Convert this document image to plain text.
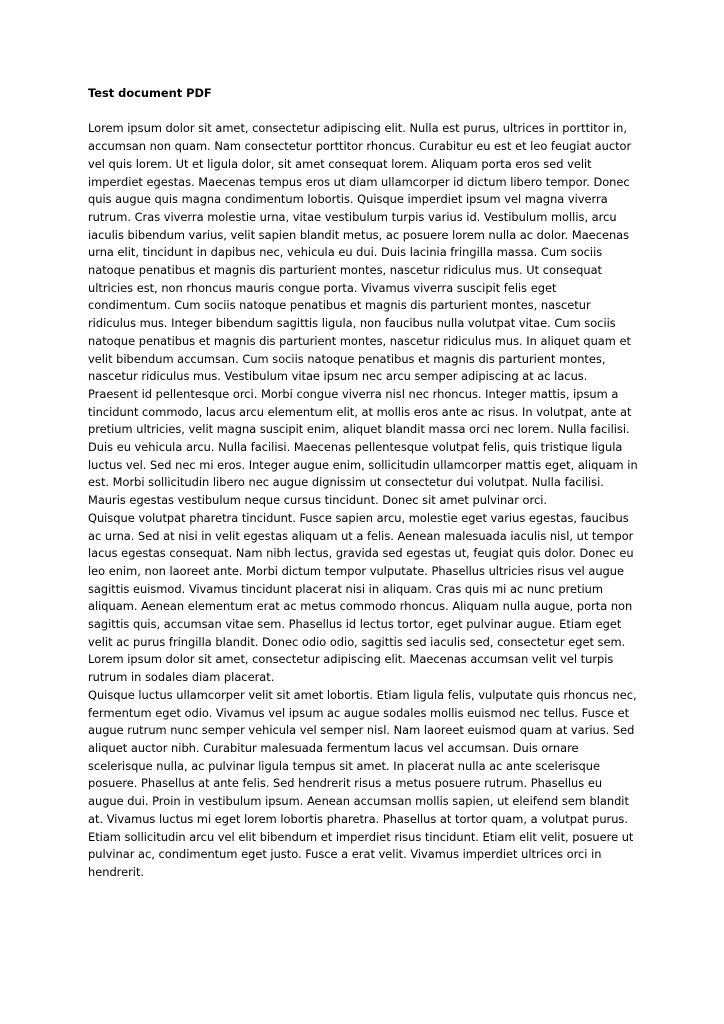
Test document PDF

Lorem ipsum dolor sit amet, consectetur adipiscing elit. Nulla est purus, ultrices in porttitor in, accumsan non quam. Nam consectetur porttitor rhoncus. Curabitur eu est et leo feugiat auctor vel quis lorem. Ut et ligula dolor, sit amet consequat lorem. Aliquam porta eros sed velit imperdiet egestas. Maecenas tempus eros ut diam ullamcorper id dictum libero tempor. Donec quis augue quis magna condimentum lobortis. Quisque imperdiet ipsum vel magna viverra rutrum. Cras viverra molestie urna, vitae vestibulum turpis varius id. Vestibulum mollis, arcu iaculis bibendum varius, velit sapien blandit metus, ac posuere lorem nulla ac dolor. Maecenas urna elit, tincidunt in dapibus nec, vehicula eu dui. Duis lacinia fringilla massa. Cum sociis natoque penatibus et magnis dis parturient montes, nascetur ridiculus mus. Ut consequat ultricies est, non rhoncus mauris congue porta. Vivamus viverra suscipit felis eget condimentum. Cum sociis natoque penatibus et magnis dis parturient montes, nascetur ridiculus mus. Integer bibendum sagittis ligula, non faucibus nulla volutpat vitae. Cum sociis natoque penatibus et magnis dis parturient montes, nascetur ridiculus mus. In aliquet quam et velit bibendum accumsan. Cum sociis natoque penatibus et magnis dis parturient montes, nascetur ridiculus mus. Vestibulum vitae ipsum nec arcu semper adipiscing at ac lacus. Praesent id pellentesque orci. Morbi congue viverra nisl nec rhoncus. Integer mattis, ipsum a tincidunt commodo, lacus arcu elementum elit, at mollis eros ante ac risus. In volutpat, ante at pretium ultricies, velit magna suscipit enim, aliquet blandit massa orci nec lorem. Nulla facilisi. Duis eu vehicula arcu. Nulla facilisi. Maecenas pellentesque volutpat felis, quis tristique ligula luctus vel. Sed nec mi eros. Integer augue enim, sollicitudin ullamcorper mattis eget, aliquam in est. Morbi sollicitudin libero nec augue dignissim ut consectetur dui volutpat. Nulla facilisi. Mauris egestas vestibulum neque cursus tincidunt. Donec sit amet pulvinar orci.

Quisque volutpat pharetra tincidunt. Fusce sapien arcu, molestie eget varius egestas, faucibus ac urna. Sed at nisi in velit egestas aliquam ut a felis. Aenean malesuada iaculis nisl, ut tempor lacus egestas consequat. Nam nibh lectus, gravida sed egestas ut, feugiat quis dolor. Donec eu leo enim, non laoreet ante. Morbi dictum tempor vulputate. Phasellus ultricies risus vel augue sagittis euismod. Vivamus tincidunt placerat nisi in aliquam. Cras quis mi ac nunc pretium aliquam. Aenean elementum erat ac metus commodo rhoncus. Aliquam nulla augue, porta non sagittis quis, accumsan vitae sem. Phasellus id lectus tortor, eget pulvinar augue. Etiam eget velit ac purus fringilla blandit. Donec odio odio, sagittis sed iaculis sed, consectetur eget sem. Lorem ipsum dolor sit amet, consectetur adipiscing elit. Maecenas accumsan velit vel turpis rutrum in sodales diam placerat.

Quisque luctus ullamcorper velit sit amet lobortis. Etiam ligula felis, vulputate quis rhoncus nec, fermentum eget odio. Vivamus vel ipsum ac augue sodales mollis euismod nec tellus. Fusce et augue rutrum nunc semper vehicula vel semper nisl. Nam laoreet euismod quam at varius. Sed aliquet auctor nibh. Curabitur malesuada fermentum lacus vel accumsan. Duis ornare scelerisque nulla, ac pulvinar ligula tempus sit amet. In placerat nulla ac ante scelerisque posuere. Phasellus at ante felis. Sed hendrerit risus a metus posuere rutrum. Phasellus eu augue dui. Proin in vestibulum ipsum. Aenean accumsan mollis sapien, ut eleifend sem blandit at. Vivamus luctus mi eget lorem lobortis pharetra. Phasellus at tortor quam, a volutpat purus. Etiam sollicitudin arcu vel elit bibendum et imperdiet risus tincidunt. Etiam elit velit, posuere ut pulvinar ac, condimentum eget justo. Fusce a erat velit. Vivamus imperdiet ultrices orci in hendrerit.
